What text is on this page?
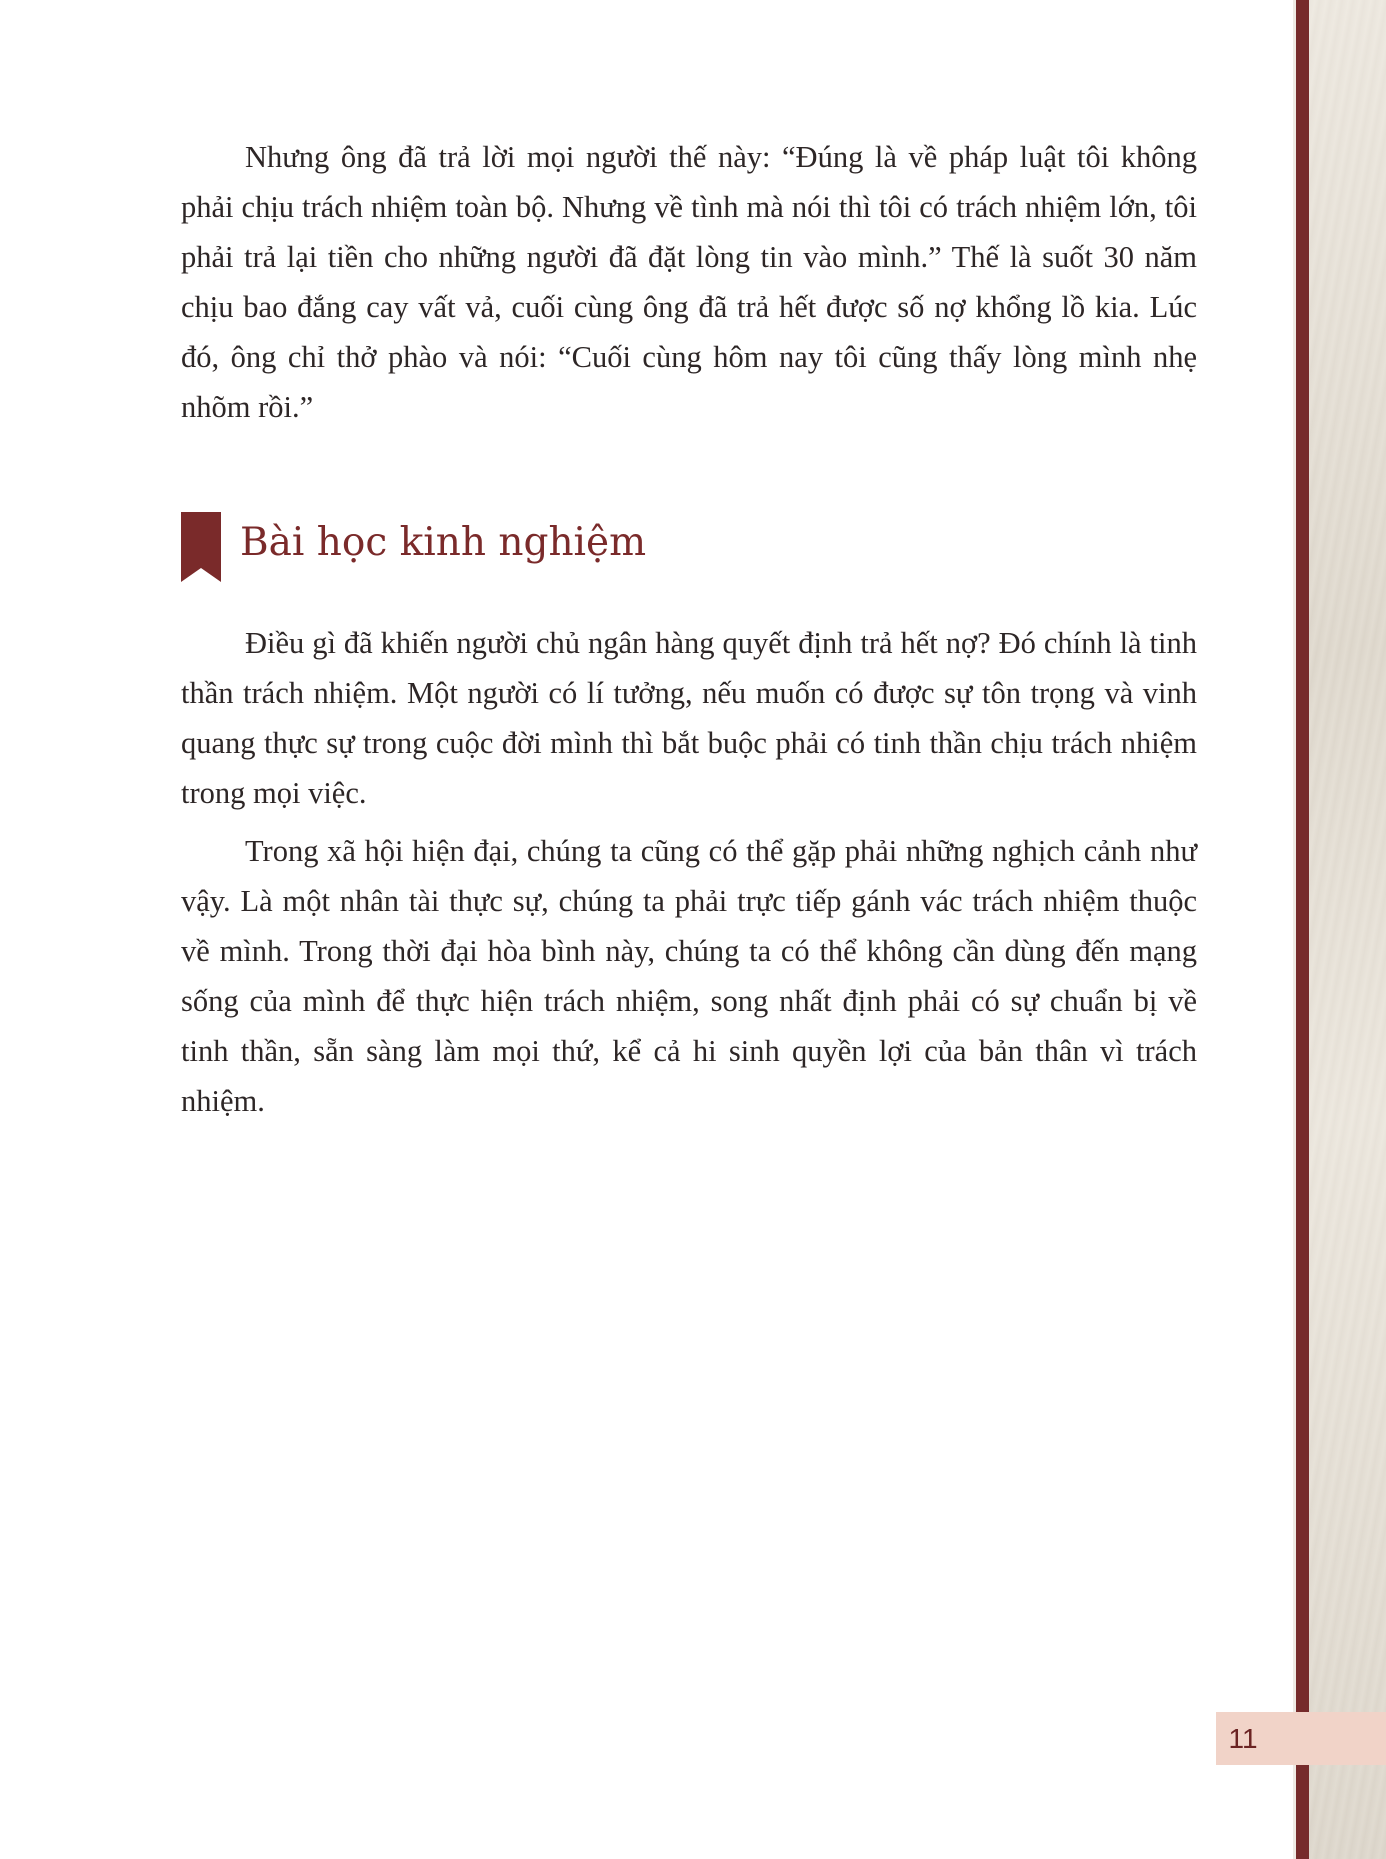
Nhưng ông đã trả lời mọi người thế này: “Đúng là về pháp luật tôi không phải chịu trách nhiệm toàn bộ. Nhưng về tình mà nói thì tôi có trách nhiệm lớn, tôi phải trả lại tiền cho những người đã đặt lòng tin vào mình.” Thế là suốt 30 năm chịu bao đắng cay vất vả, cuối cùng ông đã trả hết được số nợ khổng lồ kia. Lúc đó, ông chỉ thở phào và nói: “Cuối cùng hôm nay tôi cũng thấy lòng mình nhẹ nhõm rồi.”

Bài học kinh nghiệm

Điều gì đã khiến người chủ ngân hàng quyết định trả hết nợ? Đó chính là tinh thần trách nhiệm. Một người có lí tưởng, nếu muốn có được sự tôn trọng và vinh quang thực sự trong cuộc đời mình thì bắt buộc phải có tinh thần chịu trách nhiệm trong mọi việc.

Trong xã hội hiện đại, chúng ta cũng có thể gặp phải những nghịch cảnh như vậy. Là một nhân tài thực sự, chúng ta phải trực tiếp gánh vác trách nhiệm thuộc về mình. Trong thời đại hòa bình này, chúng ta có thể không cần dùng đến mạng sống của mình để thực hiện trách nhiệm, song nhất định phải có sự chuẩn bị về tinh thần, sẵn sàng làm mọi thứ, kể cả hi sinh quyền lợi của bản thân vì trách nhiệm.

11
